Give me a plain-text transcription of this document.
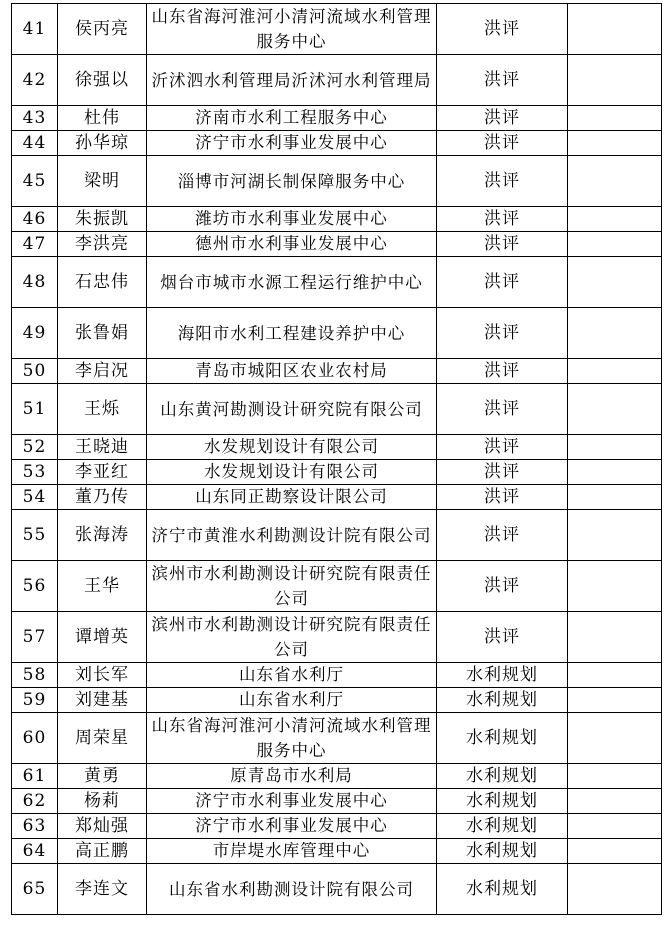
41	侯丙亮	山东省海河淮河小清河流域水利管理服务中心	洪评	
42	徐强以	沂沭泗水利管理局沂沭河水利管理局	洪评	
43	杜伟	济南市水利工程服务中心	洪评	
44	孙华琼	济宁市水利事业发展中心	洪评	
45	梁明	淄博市河湖长制保障服务中心	洪评	
46	朱振凯	潍坊市水利事业发展中心	洪评	
47	李洪亮	德州市水利事业发展中心	洪评	
48	石忠伟	烟台市城市水源工程运行维护中心	洪评	
49	张鲁娟	海阳市水利工程建设养护中心	洪评	
50	李启况	青岛市城阳区农业农村局	洪评	
51	王烁	山东黄河勘测设计研究院有限公司	洪评	
52	王晓迪	水发规划设计有限公司	洪评	
53	李亚红	水发规划设计有限公司	洪评	
54	董乃传	山东同正勘察设计限公司	洪评	
55	张海涛	济宁市黄淮水利勘测设计院有限公司	洪评	
56	王华	滨州市水利勘测设计研究院有限责任公司	洪评	
57	谭增英	滨州市水利勘测设计研究院有限责任公司	洪评	
58	刘长军	山东省水利厅	水利规划	
59	刘建基	山东省水利厅	水利规划	
60	周荣星	山东省海河淮河小清河流域水利管理服务中心	水利规划	
61	黄勇	原青岛市水利局	水利规划	
62	杨莉	济宁市水利事业发展中心	水利规划	
63	郑灿强	济宁市水利事业发展中心	水利规划	
64	高正鹏	市岸堤水库管理中心	水利规划	
65	李连文	山东省水利勘测设计院有限公司	水利规划	
